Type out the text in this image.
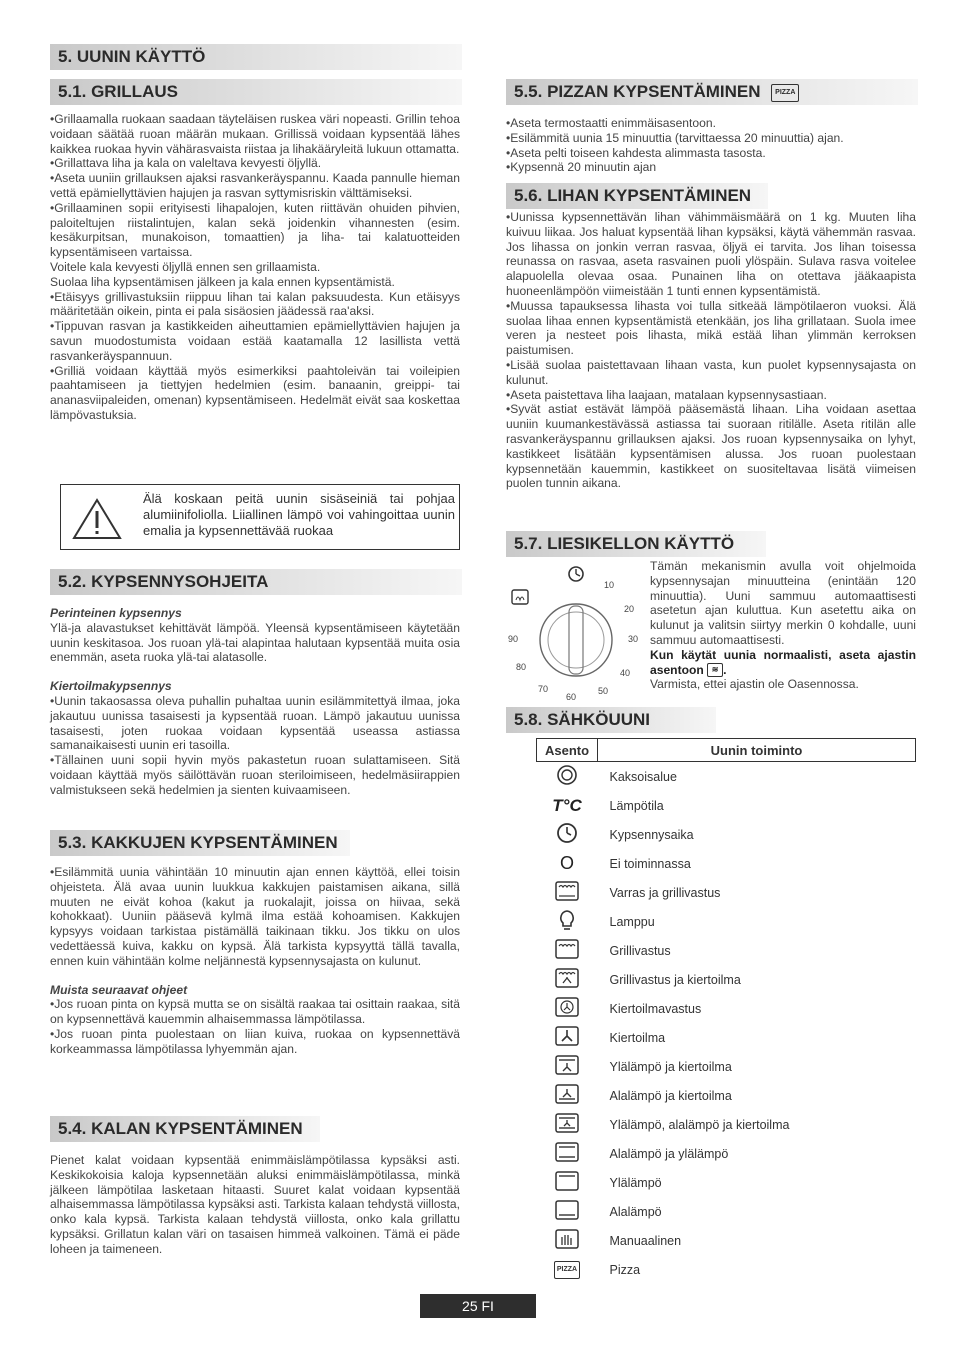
5. UUNIN KÄYTTÖ
5.1. GRILLAUS

•Grillaamalla ruokaan saadaan täyteläisen ruskea väri nopeasti. Grillin tehoa voidaan säätää ruoan määrän mukaan. Grillissä voidaan kypsentää lähes kaikkea ruokaa hyvin vähärasvaista riistaa ja lihakääryleitä lukuun ottamatta.

•Grillattava liha ja kala on valeltava kevyesti öljyllä.

•Aseta uuniin grillauksen ajaksi rasvankeräyspannu. Kaada pannulle hieman vettä epämiellyttävien hajujen ja rasvan syttymisriskin välttämiseksi.

•Grillaaminen sopii erityisesti lihapalojen, kuten riittävän ohuiden pihvien, paloiteltujen riistalintujen, kalan sekä joidenkin vihannesten (esim. kesäkurpitsan, munakoison, tomaattien) ja liha- tai kalatuotteiden kypsentämiseen vartaissa.

Voitele kala kevyesti öljyllä ennen sen grillaamista.

Suolaa liha kypsentämisen jälkeen ja kala ennen kypsentämistä.

•Etäisyys grillivastuksiin riippuu lihan tai kalan paksuudesta. Kun etäisyys määritetään oikein, pinta ei pala sisäosien jäädessä raa'aksi.

•Tippuvan rasvan ja kastikkeiden aiheuttamien epämiellyttävien hajujen ja savun muodostumista voidaan estää kaatamalla 12 lasillista vettä rasvankeräyspannuun.

•Grilliä voidaan käyttää myös esimerkiksi paahtoleivän tai voileipien paahtamiseen ja tiettyjen hedelmien (esim. banaanin, greippi- tai ananasviipaleiden, omenan) kypsentämiseen. Hedelmät eivät saa koskettaa lämpövastuksia.

Älä koskaan peitä uunin sisäseiniä tai pohjaa alumiinifoliolla. Liiallinen lämpö voi vahingoittaa uunin emalia ja kypsennettävää ruokaa
5.2. KYPSENNYSOHJEITA

Perinteinen kypsennys

Ylä-ja alavastukset kehittävät lämpöä. Yleensä kypsentämiseen käytetään uunin keskitasoa. Jos ruoan ylä-tai alapintaa halutaan kypsentää muita osia enemmän, aseta ruoka ylä-tai alatasolle.

Kiertoilmakypsennys

•Uunin takaosassa oleva puhallin puhaltaa uunin esilämmitettyä ilmaa, joka jakautuu uunissa tasaisesti ja kypsentää ruoan. Lämpö jakautuu uunissa tasaisesti, joten ruokaa voidaan kypsentää useassa astiassa samanaikaisesti uunin eri tasoilla.

•Tällainen uuni sopii hyvin myös pakastetun ruoan sulattamiseen. Sitä voidaan käyttää myös säilöttävän ruoan steriloimiseen, hedelmäsiirappien valmistukseen sekä hedelmien ja sienten kuivaamiseen.

5.3. KAKKUJEN KYPSENTÄMINEN

•Esilämmitä uunia vähintään 10 minuutin ajan ennen käyttöä, ellei toisin ohjeisteta. Älä avaa uunin luukkua kakkujen paistamisen aikana, sillä muuten ne eivät kohoa (kakut ja ruokalajit, joissa on hiivaa, sekä kohokkaat). Uuniin pääsevä kylmä ilma estää kohoamisen. Kakkujen kypsyys voidaan tarkistaa pistämällä taikinaan tikku. Jos tikku on ulos vedettäessä kuiva, kakku on kypsä. Älä tarkista kypsyyttä tällä tavalla, ennen kuin vähintään kolme neljännestä kypsennysajasta on kulunut.

Muista seuraavat ohjeet

•Jos ruoan pinta on kypsä mutta se on sisältä raakaa tai osittain raakaa, sitä on kypsennettävä kauemmin alhaisemmassa lämpötilassa.

•Jos ruoan pinta puolestaan on liian kuiva, ruokaa on kypsennettävä korkeammassa lämpötilassa lyhyemmän ajan.

5.4. KALAN KYPSENTÄMINEN

Pienet kalat voidaan kypsentää enimmäislämpötilassa kypsäksi asti. Keskikokoisia kaloja kypsennetään aluksi enimmäislämpötilassa, minkä jälkeen lämpötilaa lasketaan hitaasti. Suuret kalat voidaan kypsentää alhaisemmassa lämpötilassa kypsäksi asti. Tarkista kalaan tehdystä viillosta, onko kala kypsä. Tarkista kalaan tehdystä viillosta, onko kala grillattu kypsäksi. Grillatun kalan väri on tasaisen himmeä valkoinen. Tämä ei päde loheen ja taimeneen.

5.5. PIZZAN KYPSENTÄMINEN PIZZA

•Aseta termostaatti enimmäisasentoon.

•Esilämmitä uunia 15 minuuttia (tarvittaessa 20 minuuttia) ajan.

•Aseta pelti toiseen kahdesta alimmasta tasosta.

•Kypsennä 20 minuutin ajan

5.6. LIHAN KYPSENTÄMINEN

•Uunissa kypsennettävän lihan vähimmäismäärä on 1 kg. Muuten liha kuivuu liikaa. Jos haluat kypsentää lihan kypsäksi, käytä vähemmän rasvaa. Jos lihassa on jonkin verran rasvaa, öljyä ei tarvita. Jos lihan toisessa reunassa on rasvaa, aseta rasvainen puoli ylöspäin. Sulava rasva voitelee alapuolella olevaa osaa. Punainen liha on otettava jääkaapista huoneenlämpöön viimeistään 1 tunti ennen kypsentämistä.

•Muussa tapauksessa lihasta voi tulla sitkeää lämpötilaeron vuoksi. Älä suolaa lihaa ennen kypsentämistä etenkään, jos liha grillataan. Suola imee veren ja nesteet pois lihasta, mikä estää lihan ylimmän kerroksen paistumisen.

•Lisää suolaa paistettavaan lihaan vasta, kun puolet kypsennysajasta on kulunut.

•Aseta paistettava liha laajaan, matalaan kypsennysastiaan.

•Syvät astiat estävät lämpöä pääsemästä lihaan. Liha voidaan asettaa uuniin kuumankestävässä astiassa tai suoraan ritilälle. Aseta ritilän alle rasvankeräyspannu grillauksen ajaksi. Jos ruoan kypsennysaika on lyhyt, kastikkeet lisätään kypsentämisen alussa. Jos ruoan puolestaan kypsennetään kauemmin, kastikkeet on suositeltavaa lisätä viimeisen puolen tunnin aikana.

5.7. LIESIKELLON KÄYTTÖ
10
20
30
40
50
60
70
80
90

Tämän mekanismin avulla voit ohjelmoida kypsennysajan minuutteina (enintään 120 minuuttia). Uuni sammuu automaattisesti asetetun ajan kuluttua. Kun asetettu aika on kulunut ja valitsin siirtyy merkin 0 kohdalle, uuni sammuu automaattisesti.

Kun käytät uunia normaalisti, aseta ajastin asentoon ≋ .

Varmista, ettei ajastin ole Oasennossa.

5.8. SÄHKÖUUNI
Asento	Uunin toiminto
	Kaksoisalue
T°C	Lämpötila
	Kypsennysaika
O	Ei toiminnassa
	Varras ja grillivastus
	Lamppu
	Grillivastus
	Grillivastus ja kiertoilma
	Kiertoilmavastus
	Kiertoilma
	Ylälämpö ja kiertoilma
	Alalämpö ja kiertoilma
	Ylälämpö, alalämpö ja kiertoilma
	Alalämpö ja ylälämpö
	Ylälämpö
	Alalämpö
	Manuaalinen
PIZZA	Pizza
25 FI
